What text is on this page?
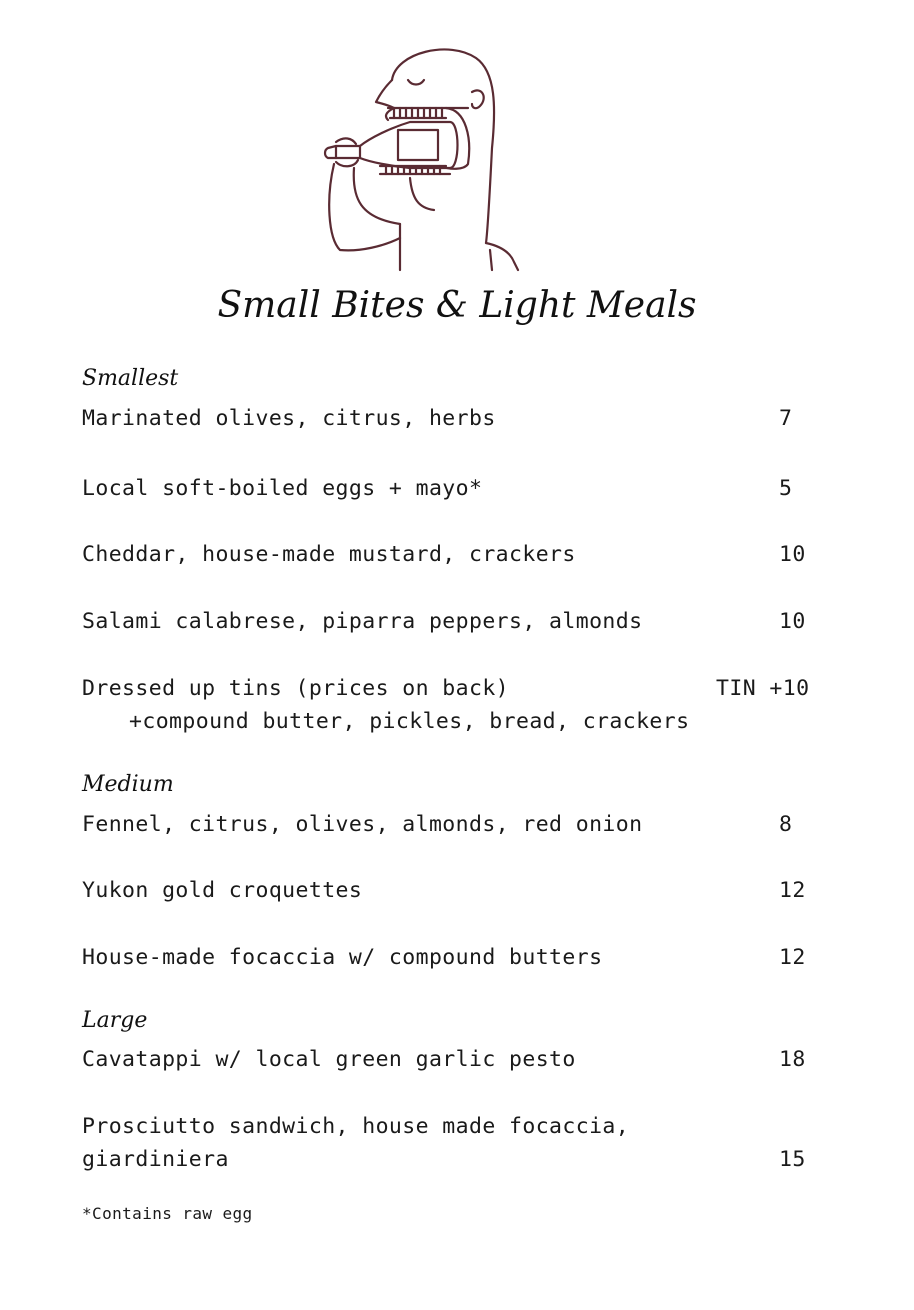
Small Bites & Light Meals
Smallest
Marinated olives, citrus, herbs	7
Local soft-boiled eggs + mayo*	5
Cheddar, house-made mustard, crackers	10
Salami calabrese, piparra peppers, almonds	10
Dressed up tins (prices on back)	TIN +10
+compound butter, pickles, bread, crackers
Medium
Fennel, citrus, olives, almonds, red onion	8
Yukon gold croquettes	12
House-made focaccia w/ compound butters	12
Large
Cavatappi w/ local green garlic pesto	18
Prosciutto sandwich, house made focaccia,
giardiniera	15
*Contains raw egg
